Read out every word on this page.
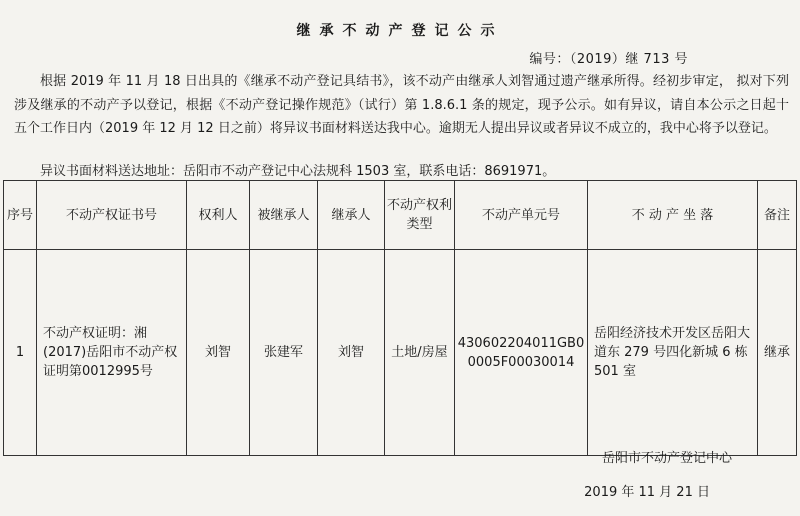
继承不动产登记公示
编号：（2019）继 713 号
根据 2019 年 11 月 18 日出具的《继承不动产登记具结书》，该不动产由继承人刘智通过遗产继承所得。经初步审定， 拟对下列涉及继承的不动产予以登记，根据《不动产登记操作规范》（试行）第 1.8.6.1 条的规定，现予公示。如有异议，请自本公示之日起十五个工作日内（2019 年 12 月 12 日之前）将异议书面材料送达我中心。逾期无人提出异议或者异议不成立的，我中心将予以登记。
异议书面材料送达地址：岳阳市不动产登记中心法规科 1503 室，联系电话：8691971。
序号	不动产权证书号	权利人	被继承人	继承人	不动产权利类型	不动产单元号	不 动 产 坐 落	备注
1	不动产权证明：湘(2017)岳阳市不动产权证明第0012995号	刘智	张建军	刘智	土地/房屋	430602204011GB00005F00030014	岳阳经济技术开发区岳阳大道东 279 号四化新城 6 栋 501 室	继承
岳阳市不动产登记中心
2019 年 11 月 21 日
